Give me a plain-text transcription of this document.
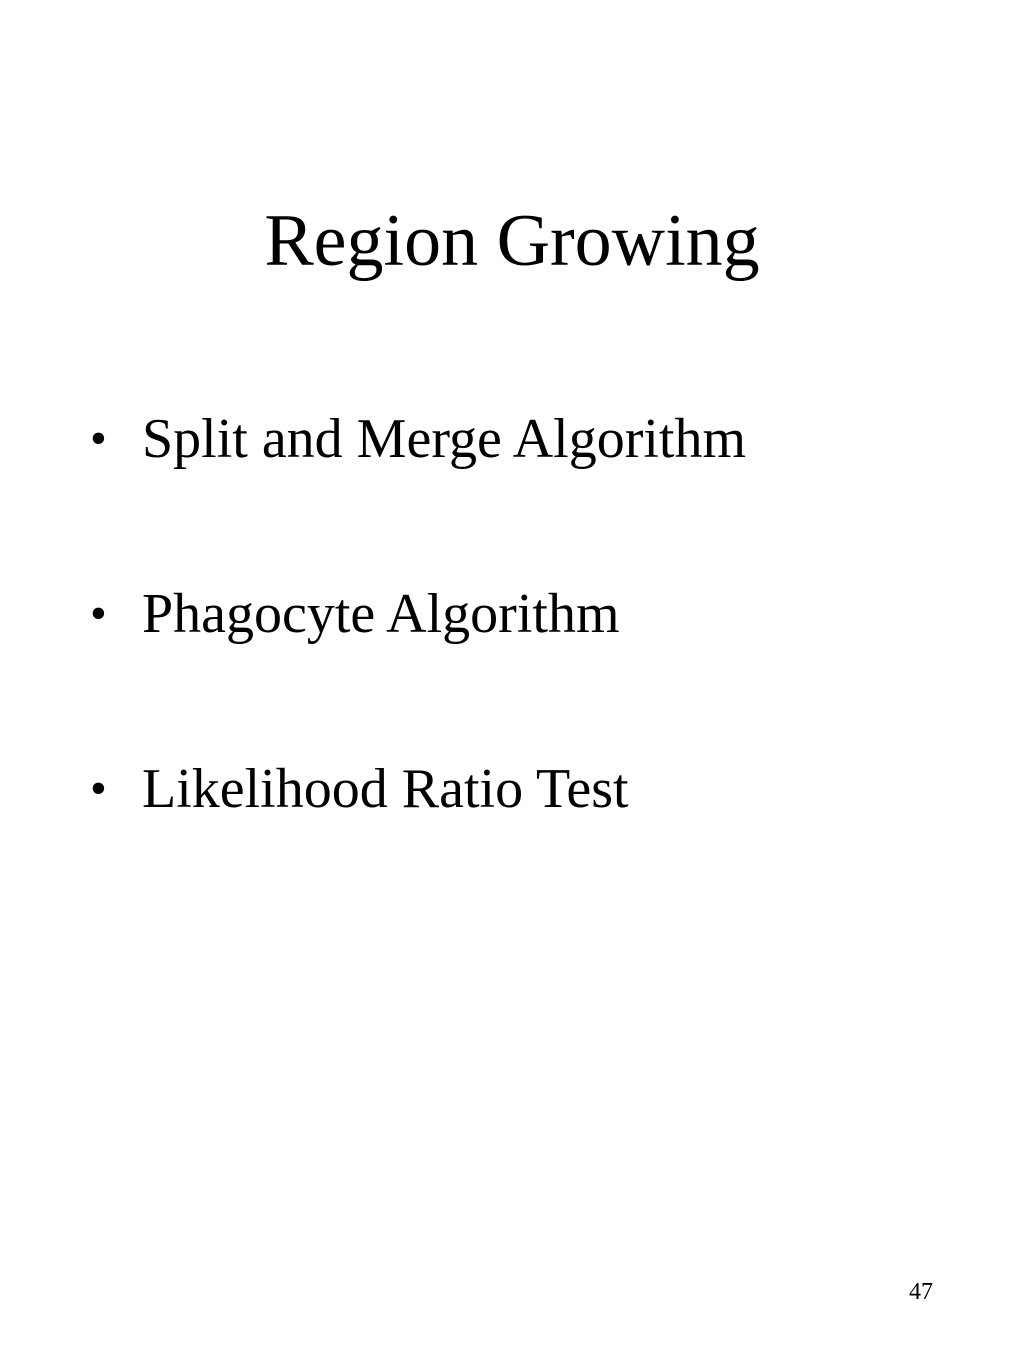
Region Growing
• Split and Merge Algorithm
• Phagocyte Algorithm
• Likelihood Ratio Test
47
